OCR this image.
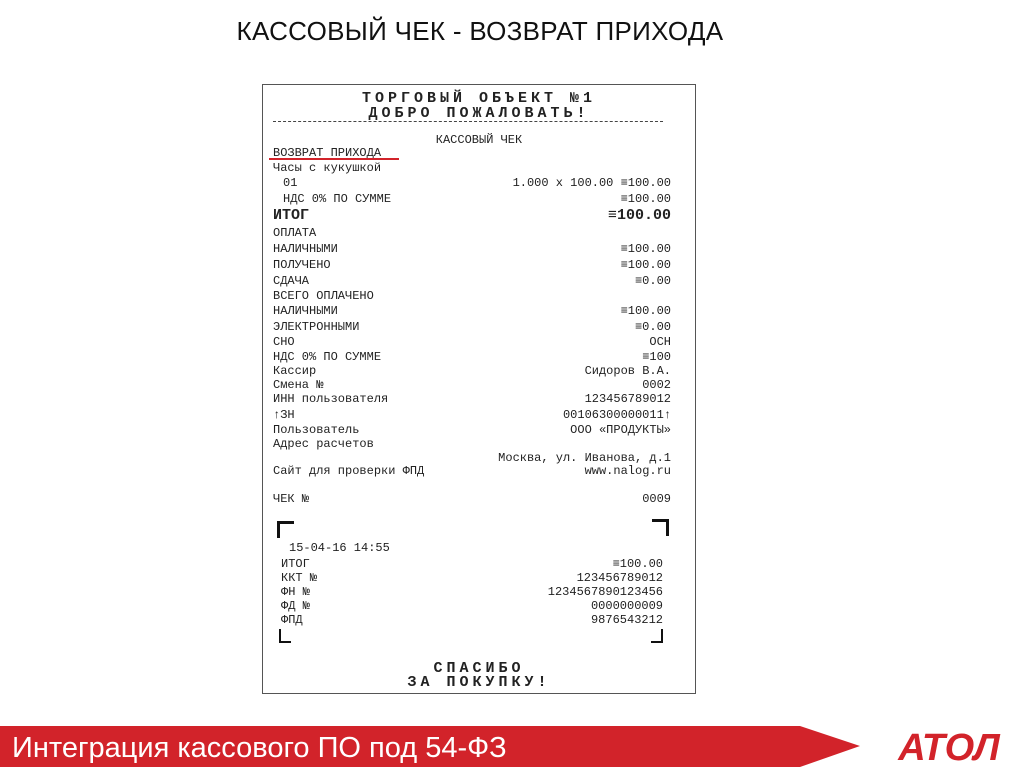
КАССОВЫЙ ЧЕК - ВОЗВРАТ ПРИХОДА
ТОРГОВЫЙ ОБЪЕКТ №1
ДОБРО ПОЖАЛОВАТЬ!
КАССОВЫЙ ЧЕК
ВОЗВРАТ ПРИХОДА
Часы с кукушкой
01	1.000 х 100.00 ≡100.00
НДС 0% ПО СУММЕ	≡100.00
ИТОГ	≡100.00
ОПЛАТА
НАЛИЧНЫМИ	≡100.00
ПОЛУЧЕНО	≡100.00
СДАЧА	≡0.00
ВСЕГО ОПЛАЧЕНО
НАЛИЧНЫМИ	≡100.00
ЭЛЕКТРОННЫМИ	≡0.00
СНО	ОСН
НДС 0% ПО СУММЕ	≡100
Кассир	Сидоров В.А.
Смена №	0002
ИНН пользователя	123456789012
↑ЗН	00106300000011↑
Пользователь	ООО «ПРОДУКТЫ»
Адрес расчетов
Москва, ул. Иванова, д.1
Сайт для проверки ФПД	www.nalog.ru
ЧЕК №	0009
15-04-16 14:55
ИТОГ	≡100.00
ККТ №	123456789012
ФН №	1234567890123456
ФД №	0000000009
ФПД	9876543212
СПАСИБО
ЗА ПОКУПКУ!
Интеграция кассового ПО под 54-ФЗ	АТОЛ
